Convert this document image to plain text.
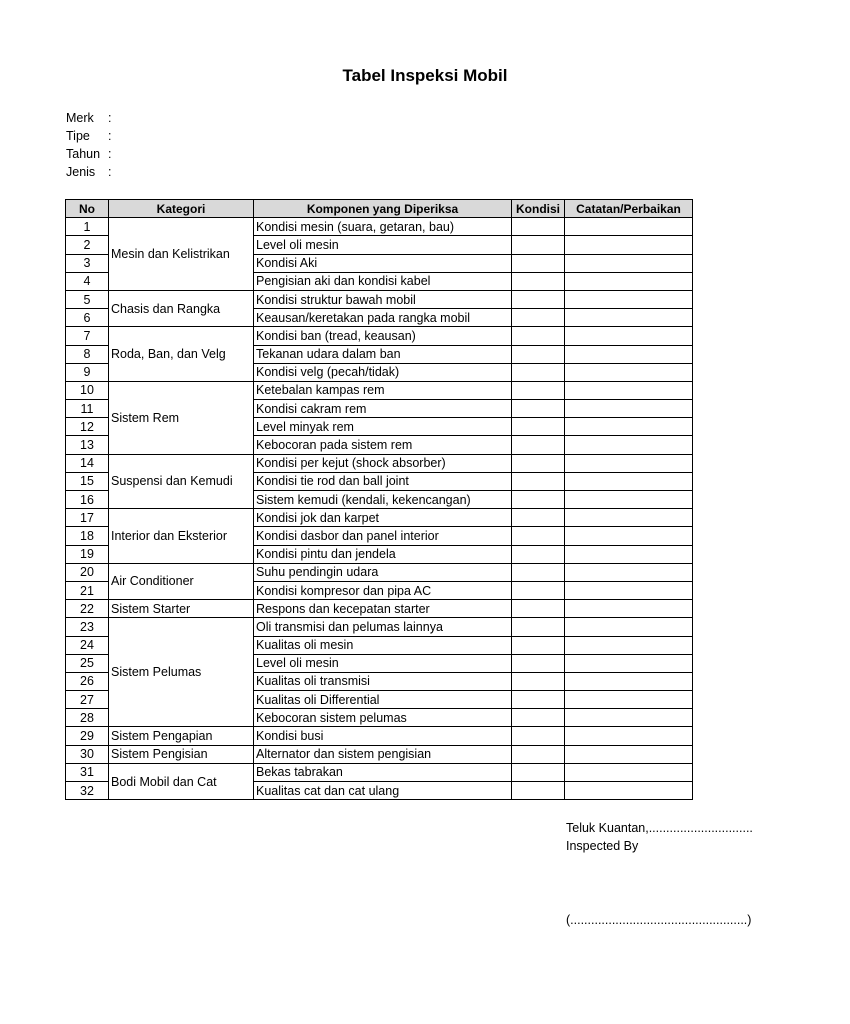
Tabel Inspeksi Mobil
Merk	:
Tipe	:
Tahun :
Jenis	:
No	Kategori	Komponen yang Diperiksa	Kondisi	Catatan/Perbaikan
1	Mesin dan Kelistrikan	Kondisi mesin (suara, getaran, bau)		
2		Level oli mesin		
3		Kondisi Aki		
4		Pengisian aki dan kondisi kabel		
5	Chasis dan Rangka	Kondisi struktur bawah mobil		
6		Keausan/keretakan pada rangka mobil		
7	Roda, Ban, dan Velg	Kondisi ban (tread, keausan)		
8		Tekanan udara dalam ban		
9		Kondisi velg (pecah/tidak)		
10	Sistem Rem	Ketebalan kampas rem		
11		Kondisi cakram rem		
12		Level minyak rem		
13		Kebocoran pada sistem rem		
14	Suspensi dan Kemudi	Kondisi per kejut (shock absorber)		
15		Kondisi tie rod dan ball joint		
16		Sistem kemudi (kendali, kekencangan)		
17	Interior dan Eksterior	Kondisi jok dan karpet		
18		Kondisi dasbor dan panel interior		
19		Kondisi pintu dan jendela		
20	Air Conditioner	Suhu pendingin udara		
21		Kondisi kompresor dan pipa AC		
22	Sistem Starter	Respons dan kecepatan starter		
23	Sistem Pelumas	Oli transmisi dan pelumas lainnya		
24		Kualitas oli mesin		
25		Level oli mesin		
26		Kualitas oli transmisi		
27		Kualitas oli Differential		
28		Kebocoran sistem pelumas		
29	Sistem Pengapian	Kondisi busi		
30	Sistem Pengisian	Alternator dan sistem pengisian		
31	Bodi Mobil dan Cat	Bekas tabrakan		
32		Kualitas cat dan cat ulang		
Teluk Kuantan,..............................
Inspected By
(...................................................)
